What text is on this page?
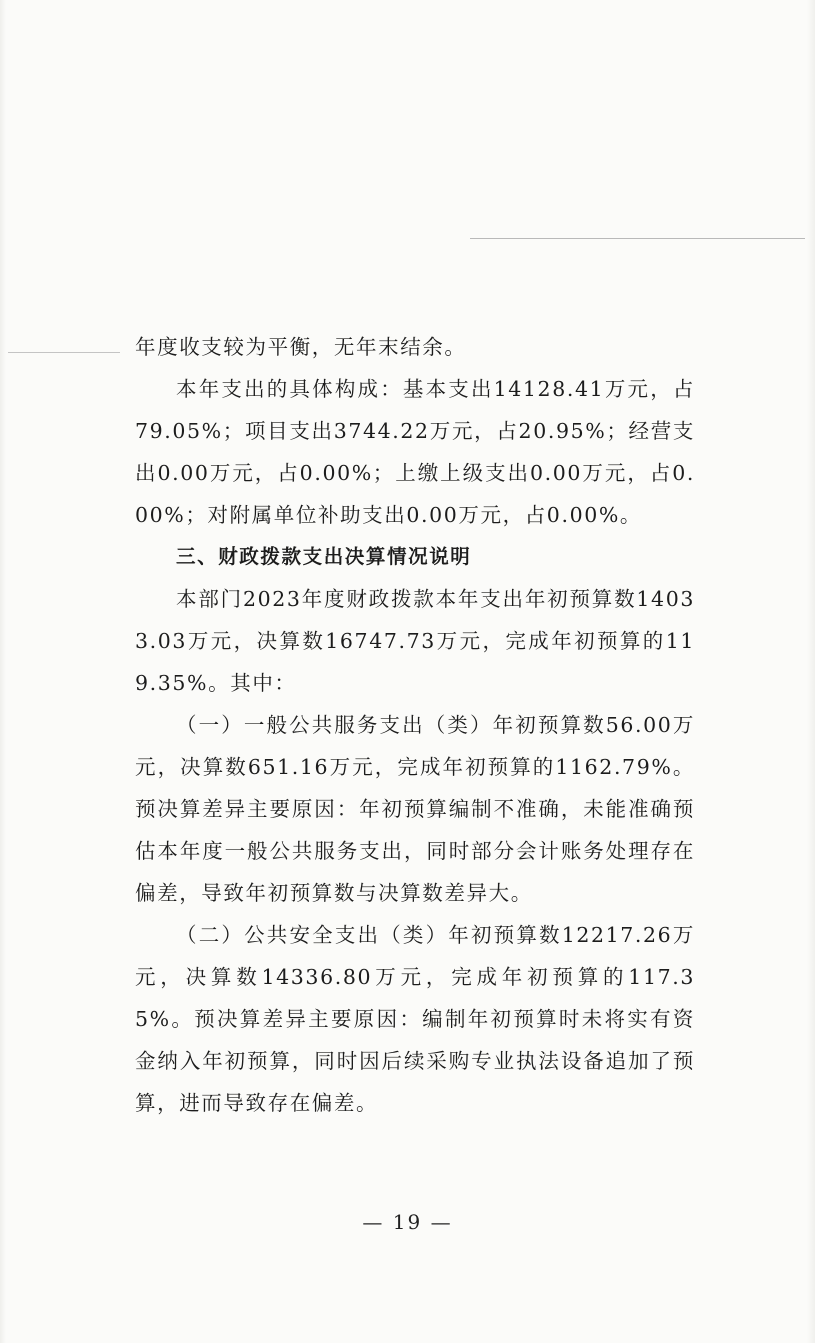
年度收支较为平衡，无年末结余。

本年支出的具体构成：基本支出14128.41万元，占79.05%；项目支出3744.22万元，占20.95%；经营支出0.00万元，占0.00%；上缴上级支出0.00万元，占0.00%；对附属单位补助支出0.00万元，占0.00%。

三、财政拨款支出决算情况说明

本部门2023年度财政拨款本年支出年初预算数14033.03万元，决算数16747.73万元，完成年初预算的119.35%。其中：

（一）一般公共服务支出（类）年初预算数56.00万元，决算数651.16万元，完成年初预算的1162.79%。预决算差异主要原因：年初预算编制不准确，未能准确预估本年度一般公共服务支出，同时部分会计账务处理存在偏差，导致年初预算数与决算数差异大。

（二）公共安全支出（类）年初预算数12217.26万元，决算数14336.80万元，完成年初预算的117.35%。预决算差异主要原因：编制年初预算时未将实有资金纳入年初预算，同时因后续采购专业执法设备追加了预算，进而导致存在偏差。

— 19 —
